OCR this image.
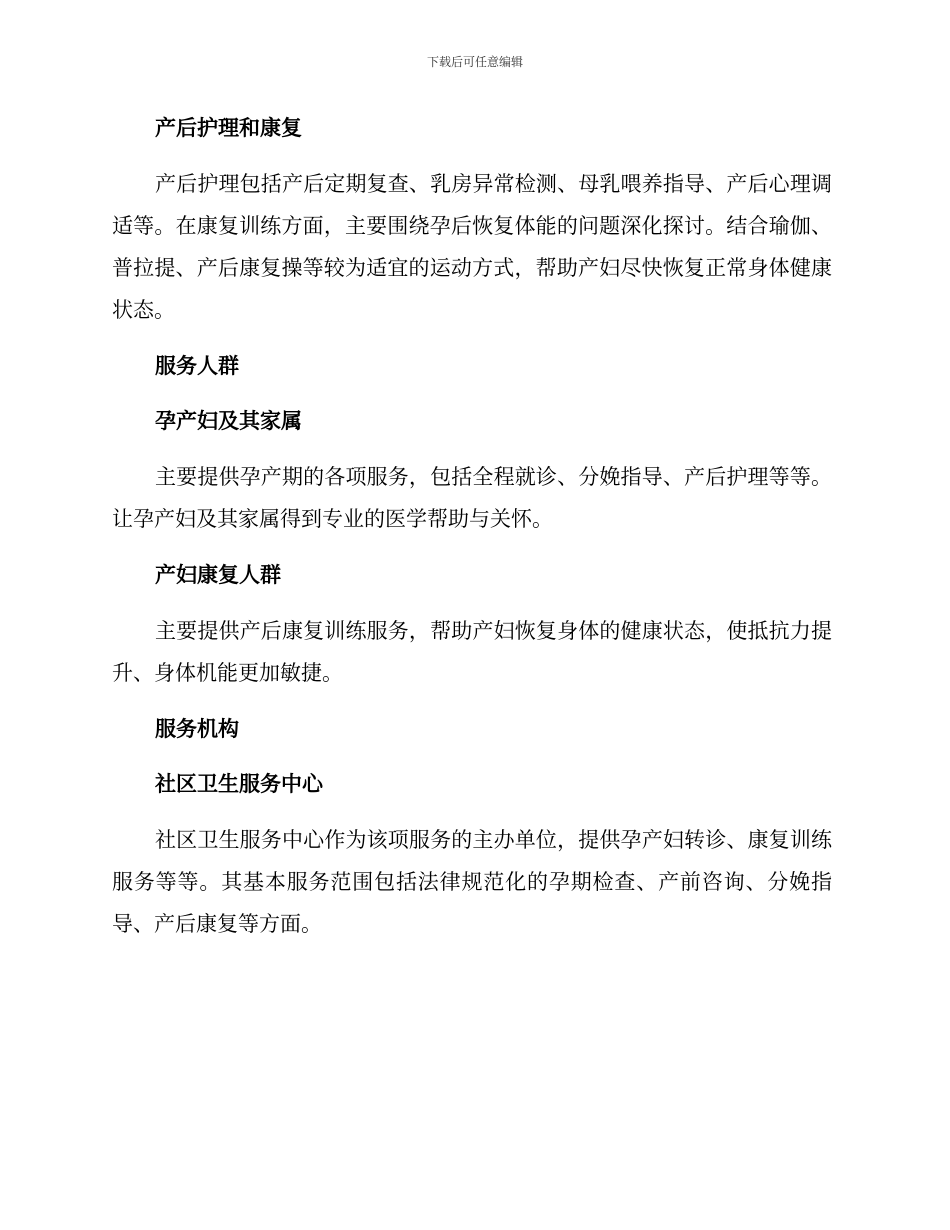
下载后可任意编辑
产后护理和康复

产后护理包括产后定期复查、乳房异常检测、母乳喂养指导、产后心理调适等。在康复训练方面，主要围绕孕后恢复体能的问题深化探讨。结合瑜伽、普拉提、产后康复操等较为适宜的运动方式，帮助产妇尽快恢复正常身体健康状态。

服务人群
孕产妇及其家属

主要提供孕产期的各项服务，包括全程就诊、分娩指导、产后护理等等。让孕产妇及其家属得到专业的医学帮助与关怀。

产妇康复人群

主要提供产后康复训练服务，帮助产妇恢复身体的健康状态，使抵抗力提升、身体机能更加敏捷。

服务机构
社区卫生服务中心

社区卫生服务中心作为该项服务的主办单位，提供孕产妇转诊、康复训练服务等等。其基本服务范围包括法律规范化的孕期检查、产前咨询、分娩指导、产后康复等方面。
